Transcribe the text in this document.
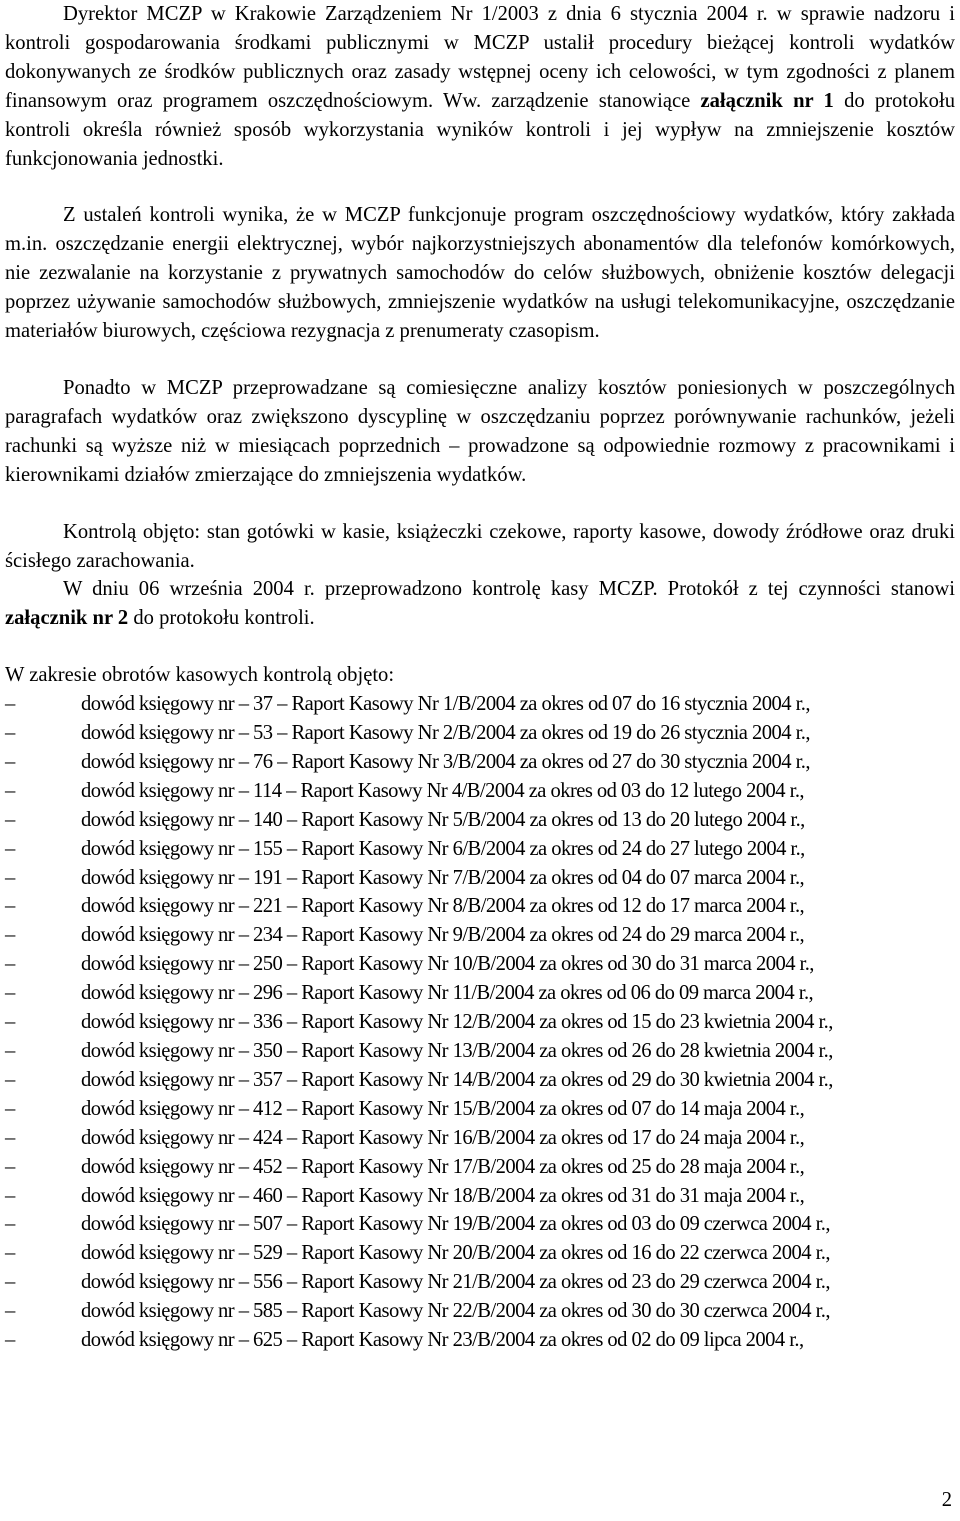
Dyrektor MCZP w Krakowie Zarządzeniem Nr 1/2003 z dnia 6 stycznia 2004 r. w sprawie nadzoru i kontroli gospodarowania środkami publicznymi w MCZP ustalił procedury bieżącej kontroli wydatków dokonywanych ze środków publicznych oraz zasady wstępnej oceny ich celowości, w tym zgodności z planem finansowym oraz programem oszczędnościowym. Ww. zarządzenie stanowiące załącznik nr 1 do protokołu kontroli określa również sposób wykorzystania wyników kontroli i jej wypływ na zmniejszenie kosztów funkcjonowania jednostki.

Z ustaleń kontroli wynika, że w MCZP funkcjonuje program oszczędnościowy wydatków, który zakłada m.in. oszczędzanie energii elektrycznej, wybór najkorzystniejszych abonamentów dla telefonów komórkowych, nie zezwalanie na korzystanie z prywatnych samochodów do celów służbowych, obniżenie kosztów delegacji poprzez używanie samochodów służbowych, zmniejszenie wydatków na usługi telekomunikacyjne, oszczędzanie materiałów biurowych, częściowa rezygnacja z prenumeraty czasopism.

Ponadto w MCZP przeprowadzane są comiesięczne analizy kosztów poniesionych w poszczególnych paragrafach wydatków oraz zwiększono dyscyplinę w oszczędzaniu poprzez porównywanie rachunków, jeżeli rachunki są wyższe niż w miesiącach poprzednich – prowadzone są odpowiednie rozmowy z pracownikami i kierownikami działów zmierzające do zmniejszenia wydatków.

Kontrolą objęto: stan gotówki w kasie, książeczki czekowe, raporty kasowe, dowody źródłowe oraz druki ścisłego zarachowania.

W dniu 06 września 2004 r. przeprowadzono kontrolę kasy MCZP. Protokół z tej czynności stanowi załącznik nr 2 do protokołu kontroli.

W zakresie obrotów kasowych kontrolą objęto:

–	dowód księgowy nr – 37 – Raport Kasowy Nr 1/B/2004 za okres od 07 do 16 stycznia 2004 r.,
–	dowód księgowy nr – 53 – Raport Kasowy Nr 2/B/2004 za okres od 19 do 26 stycznia 2004 r.,
–	dowód księgowy nr – 76 – Raport Kasowy Nr 3/B/2004 za okres od 27 do 30 stycznia 2004 r.,
–	dowód księgowy nr – 114 – Raport Kasowy Nr 4/B/2004 za okres od 03 do 12 lutego 2004 r.,
–	dowód księgowy nr – 140 – Raport Kasowy Nr 5/B/2004 za okres od 13 do 20 lutego 2004 r.,
–	dowód księgowy nr – 155 – Raport Kasowy Nr 6/B/2004 za okres od 24 do 27 lutego 2004 r.,
–	dowód księgowy nr – 191 – Raport Kasowy Nr 7/B/2004 za okres od 04 do 07 marca 2004 r.,
–	dowód księgowy nr – 221 – Raport Kasowy Nr 8/B/2004 za okres od 12 do 17 marca 2004 r.,
–	dowód księgowy nr – 234 – Raport Kasowy Nr 9/B/2004 za okres od 24 do 29 marca 2004 r.,
–	dowód księgowy nr – 250 – Raport Kasowy Nr 10/B/2004 za okres od 30 do 31 marca 2004 r.,
–	dowód księgowy nr – 296 – Raport Kasowy Nr 11/B/2004 za okres od 06 do 09 marca 2004 r.,
–	dowód księgowy nr – 336 – Raport Kasowy Nr 12/B/2004 za okres od 15 do 23 kwietnia 2004 r.,
–	dowód księgowy nr – 350 – Raport Kasowy Nr 13/B/2004 za okres od 26 do 28 kwietnia 2004 r.,
–	dowód księgowy nr – 357 – Raport Kasowy Nr 14/B/2004 za okres od 29 do 30 kwietnia 2004 r.,
–	dowód księgowy nr – 412 – Raport Kasowy Nr 15/B/2004 za okres od 07 do 14 maja 2004 r.,
–	dowód księgowy nr – 424 – Raport Kasowy Nr 16/B/2004 za okres od 17 do 24 maja 2004 r.,
–	dowód księgowy nr – 452 – Raport Kasowy Nr 17/B/2004 za okres od 25 do 28 maja 2004 r.,
–	dowód księgowy nr – 460 – Raport Kasowy Nr 18/B/2004 za okres od 31 do 31 maja 2004 r.,
–	dowód księgowy nr – 507 – Raport Kasowy Nr 19/B/2004 za okres od 03 do 09 czerwca 2004 r.,
–	dowód księgowy nr – 529 – Raport Kasowy Nr 20/B/2004 za okres od 16 do 22 czerwca 2004 r.,
–	dowód księgowy nr – 556 – Raport Kasowy Nr 21/B/2004 za okres od 23 do 29 czerwca 2004 r.,
–	dowód księgowy nr – 585 – Raport Kasowy Nr 22/B/2004 za okres od 30 do 30 czerwca 2004 r.,
–	dowód księgowy nr – 625 – Raport Kasowy Nr 23/B/2004 za okres od 02 do 09 lipca 2004 r.,
2
